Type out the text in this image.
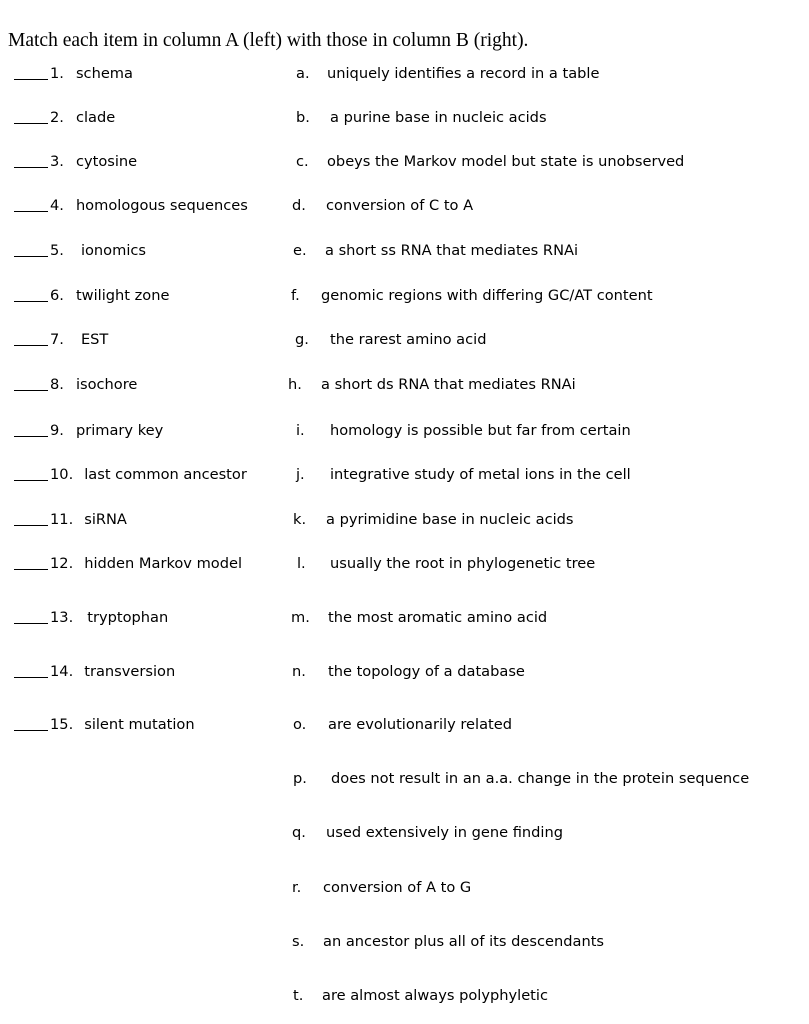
Match each item in column A (left) with those in column B (right).
1. schema	a. uniquely identifies a record in a table
2. clade	b. a purine base in nucleic acids
3. cytosine	c. obeys the Markov model but state is unobserved
4. homologous sequences	d. conversion of C to A
5. ionomics	e. a short ss RNA that mediates RNAi
6. twilight zone	f. genomic regions with differing GC/AT content
7. EST	g. the rarest amino acid
8. isochore	h. a short ds RNA that mediates RNAi
9. primary key	i. homology is possible but far from certain
10. last common ancestor	j. integrative study of metal ions in the cell
11. siRNA	k. a pyrimidine base in nucleic acids
12. hidden Markov model	l. usually the root in phylogenetic tree
13. tryptophan	m. the most aromatic amino acid
14. transversion	n. the topology of a database
15. silent mutation	o. are evolutionarily related
p. does not result in an a.a. change in the protein sequence
q. used extensively in gene finding
r. conversion of A to G
s. an ancestor plus all of its descendants
t. are almost always polyphyletic
